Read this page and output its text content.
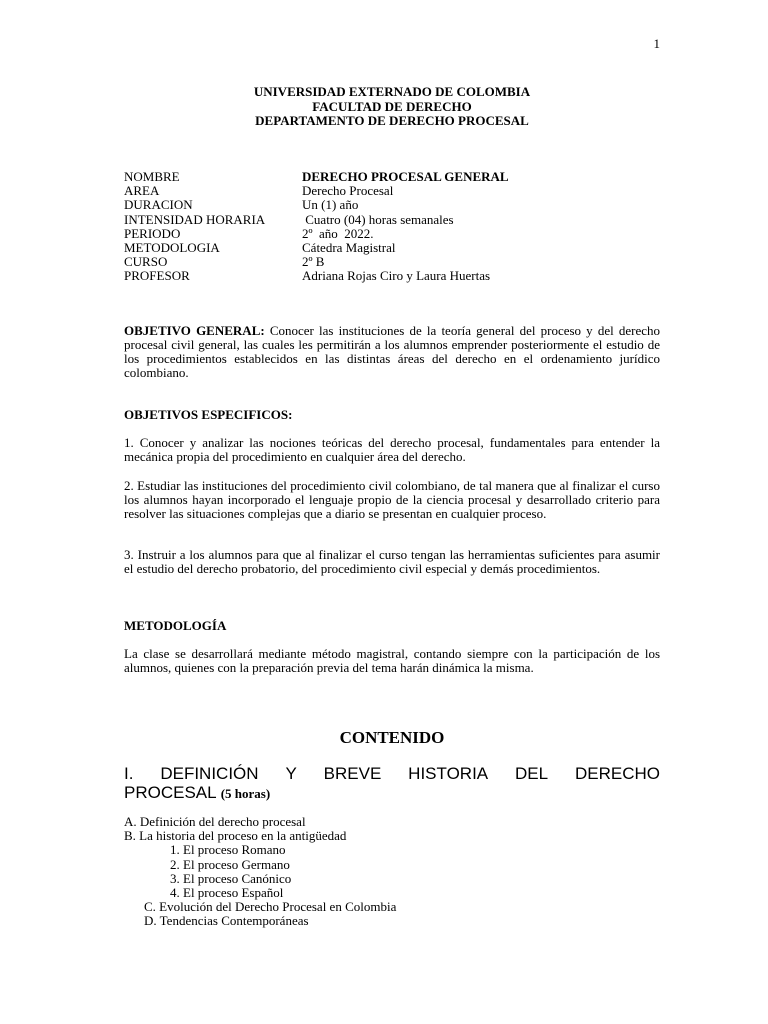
1
UNIVERSIDAD EXTERNADO DE COLOMBIA
FACULTAD DE DERECHO
DEPARTAMENTO DE DERECHO PROCESAL
NOMBRE	DERECHO PROCESAL GENERAL
AREA	Derecho Procesal
DURACION	Un (1) año
INTENSIDAD HORARIA	Cuatro (04) horas semanales
PERIODO	2º  año  2022.
METODOLOGIA	Cátedra Magistral
CURSO	2º B
PROFESOR	Adriana Rojas Ciro y Laura Huertas

OBJETIVO GENERAL: Conocer las instituciones de la teoría general del proceso y del derecho procesal civil general, las cuales les permitirán a los alumnos emprender posteriormente el estudio de los procedimientos establecidos en las distintas áreas del derecho en el ordenamiento jurídico colombiano.

OBJETIVOS ESPECIFICOS:

1. Conocer y analizar las nociones teóricas del derecho procesal, fundamentales para entender la mecánica propia del procedimiento en cualquier área del derecho.

2. Estudiar las instituciones del procedimiento civil colombiano, de tal manera que al finalizar el curso los alumnos hayan incorporado el lenguaje propio de la ciencia procesal y desarrollado criterio para resolver las situaciones complejas que a diario se presentan en cualquier proceso.

3. Instruir a los alumnos para que al finalizar el curso tengan las herramientas suficientes para asumir el estudio del derecho probatorio, del procedimiento civil especial y demás procedimientos.

METODOLOGÍA

La clase se desarrollará mediante método magistral, contando siempre con la participación de los alumnos, quienes con la preparación previa del tema harán dinámica la misma.

CONTENIDO
I. DEFINICIÓN Y BREVE HISTORIA DEL DERECHO
PROCESAL (5 horas)
A. Definición del derecho procesal
B. La historia del proceso en la antigüedad
1. El proceso Romano
2. El proceso Germano
3. El proceso Canónico
4. El proceso Español
C. Evolución del Derecho Procesal en Colombia
D. Tendencias Contemporáneas
